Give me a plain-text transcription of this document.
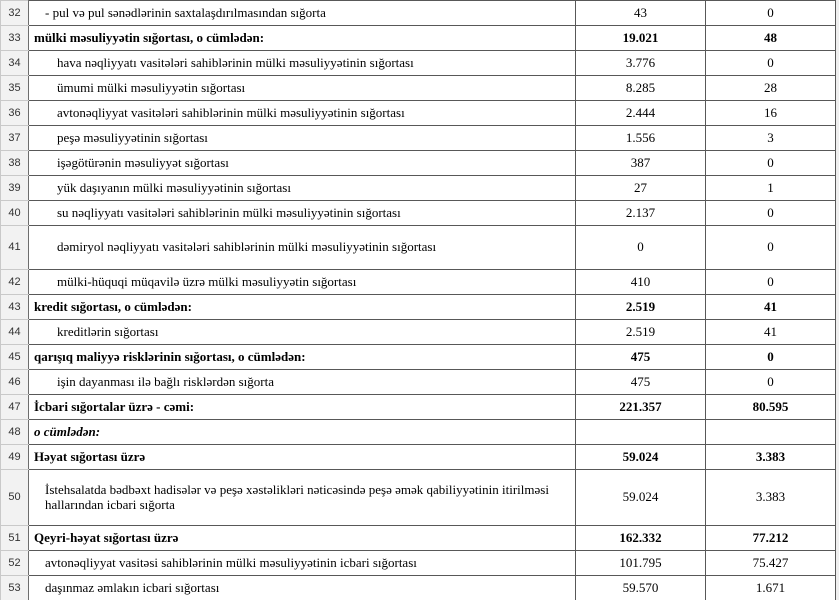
32	- pul və pul sənədlərinin saxtalaşdırılmasından sığorta	43	0
33	mülki məsuliyyətin sığortası, o cümlədən:	19.021	48
34	hava nəqliyyatı vasitələri sahiblərinin mülki məsuliyyətinin sığortası	3.776	0
35	ümumi mülki məsuliyyətin sığortası	8.285	28
36	avtonəqliyyat vasitələri sahiblərinin mülki məsuliyyətinin sığortası	2.444	16
37	peşə məsuliyyətinin sığortası	1.556	3
38	işəgötürənin məsuliyyət sığortası	387	0
39	yük daşıyanın mülki məsuliyyətinin sığortası	27	1
40	su nəqliyyatı vasitələri sahiblərinin mülki məsuliyyətinin sığortası	2.137	0
41	dəmiryol nəqliyyatı vasitələri sahiblərinin mülki məsuliyyətinin sığortası	0	0
42	mülki-hüquqi müqavilə üzrə mülki məsuliyyətin sığortası	410	0
43	kredit sığortası, o cümlədən:	2.519	41
44	kreditlərin sığortası	2.519	41
45	qarışıq maliyyə risklərinin sığortası, o cümlədən:	475	0
46	işin dayanması ilə bağlı risklərdən sığorta	475	0
47	İcbari sığortalar üzrə - cəmi:	221.357	80.595
48	o cümlədən:		
49	Həyat sığortası üzrə	59.024	3.383
50	İstehsalatda bədbəxt hadisələr və peşə xəstəlikləri nəticəsində peşə əmək qabiliyyətinin itirilməsi hallarından icbari sığorta	59.024	3.383
51	Qeyri-həyat sığortası üzrə	162.332	77.212
52	avtonəqliyyat vasitəsi sahiblərinin mülki məsuliyyətinin icbari sığortası	101.795	75.427
53	daşınmaz əmlakın icbari sığortası	59.570	1.671
